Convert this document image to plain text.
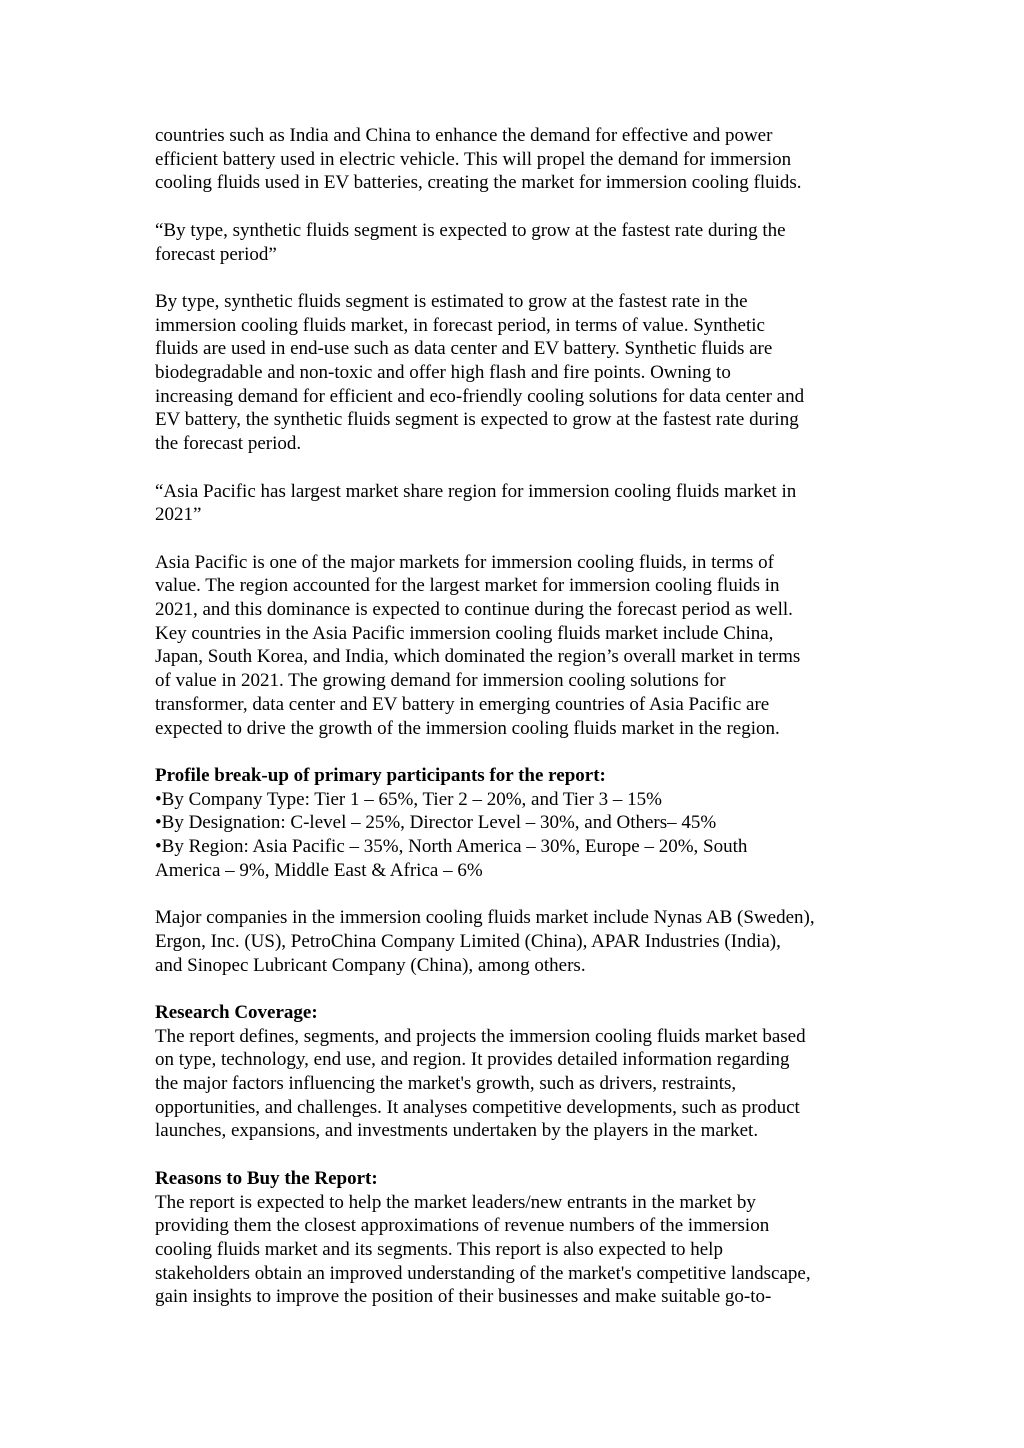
countries such as India and China to enhance the demand for effective and power
efficient battery used in electric vehicle. This will propel the demand for immersion
cooling fluids used in EV batteries, creating the market for immersion cooling fluids.
“By type, synthetic fluids segment is expected to grow at the fastest rate during the
forecast period”
By type, synthetic fluids segment is estimated to grow at the fastest rate in the
immersion cooling fluids market, in forecast period, in terms of value. Synthetic
fluids are used in end-use such as data center and EV battery. Synthetic fluids are
biodegradable and non-toxic and offer high flash and fire points. Owning to
increasing demand for efficient and eco-friendly cooling solutions for data center and
EV battery, the synthetic fluids segment is expected to grow at the fastest rate during
the forecast period.
“Asia Pacific has largest market share region for immersion cooling fluids market in
2021”
Asia Pacific is one of the major markets for immersion cooling fluids, in terms of
value. The region accounted for the largest market for immersion cooling fluids in
2021, and this dominance is expected to continue during the forecast period as well.
Key countries in the Asia Pacific immersion cooling fluids market include China,
Japan, South Korea, and India, which dominated the region’s overall market in terms
of value in 2021. The growing demand for immersion cooling solutions for
transformer, data center and EV battery in emerging countries of Asia Pacific are
expected to drive the growth of the immersion cooling fluids market in the region.
Profile break-up of primary participants for the report:
•By Company Type: Tier 1 – 65%, Tier 2 – 20%, and Tier 3 – 15%
•By Designation: C-level – 25%, Director Level – 30%, and Others– 45%
•By Region: Asia Pacific – 35%, North America – 30%, Europe – 20%, South
America – 9%, Middle East & Africa – 6%
Major companies in the immersion cooling fluids market include Nynas AB (Sweden),
Ergon, Inc. (US), PetroChina Company Limited (China), APAR Industries (India),
and Sinopec Lubricant Company (China), among others.
Research Coverage:
The report defines, segments, and projects the immersion cooling fluids market based
on type, technology, end use, and region. It provides detailed information regarding
the major factors influencing the market's growth, such as drivers, restraints,
opportunities, and challenges. It analyses competitive developments, such as product
launches, expansions, and investments undertaken by the players in the market.
Reasons to Buy the Report:
The report is expected to help the market leaders/new entrants in the market by
providing them the closest approximations of revenue numbers of the immersion
cooling fluids market and its segments. This report is also expected to help
stakeholders obtain an improved understanding of the market's competitive landscape,
gain insights to improve the position of their businesses and make suitable go-to-
